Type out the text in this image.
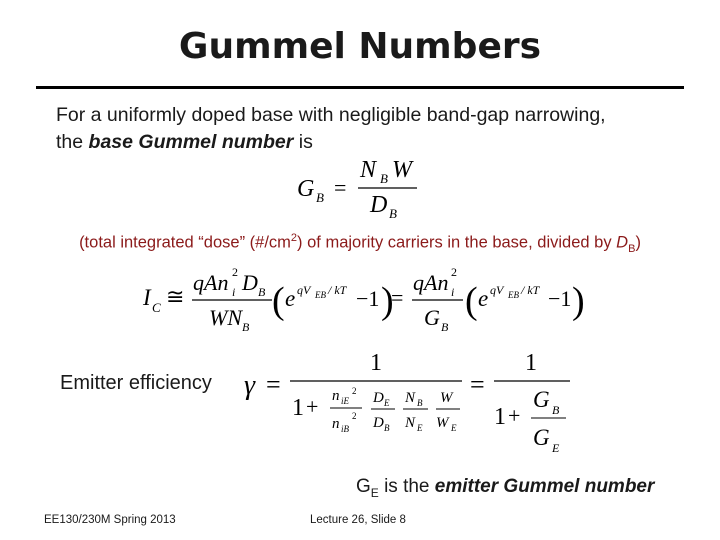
Gummel Numbers
For a uniformly doped base with negligible band-gap narrowing,
the base Gummel number is
G B =
N B W
D B
(total integrated “dose” $(\#/cm^2)$ of majority carriers in the base, divided by $D_B$)
I C ≅
qAn i
2 D B
WN B
( e qV EB / kT −1 )
=
qAn i
2
G B
( e qV EB / kT −1 )
Emitter efficiency γ =
1
1 + n iE
2
n iB
2
D E
D B
N B
N E
W
W E
=
1
1 +
G B
G E
$G_E$ is the emitter Gummel number
EE130/230M Spring 2013	Lecture 26, Slide 8
